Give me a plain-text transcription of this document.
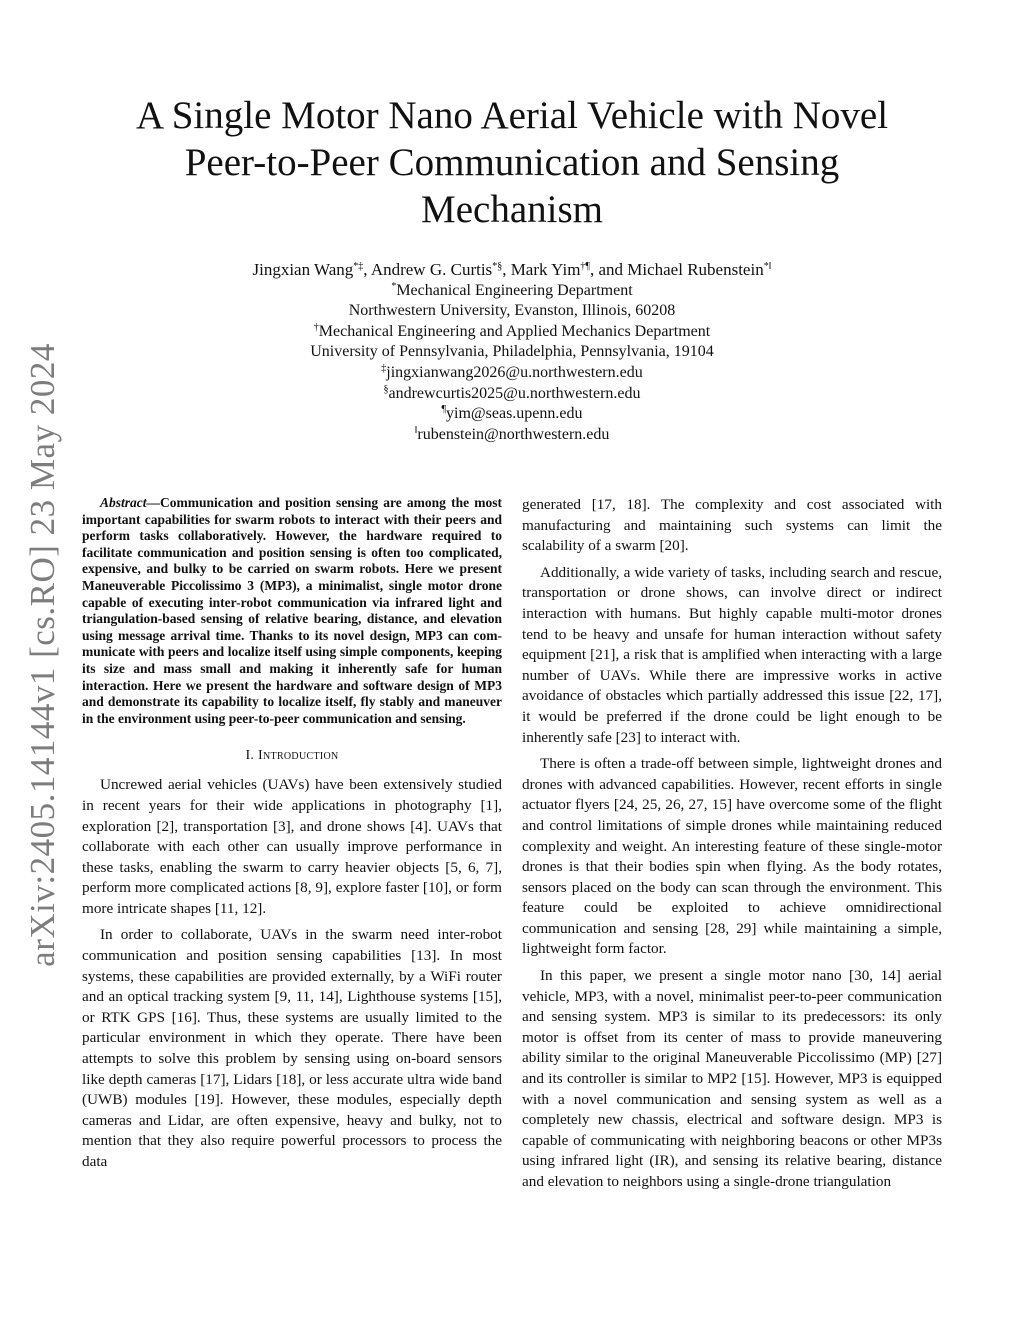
arXiv:2405.14144v1 [cs.RO] 23 May 2024
A Single Motor Nano Aerial Vehicle with Novel
Peer-to-Peer Communication and Sensing
Mechanism
Jingxian Wang*‡, Andrew G. Curtis*§, Mark Yim†¶, and Michael Rubenstein*‖
*Mechanical Engineering Department
Northwestern University, Evanston, Illinois, 60208
†Mechanical Engineering and Applied Mechanics Department
University of Pennsylvania, Philadelphia, Pennsylvania, 19104
‡jingxianwang2026@u.northwestern.edu
§andrewcurtis2025@u.northwestern.edu
¶yim@seas.upenn.edu
‖rubenstein@northwestern.edu

Abstract—Communication and position sensing are among the most important capabilities for swarm robots to interact with their peers and perform tasks collaboratively. However, the hardware required to facilitate communication and position sensing is often too complicated, expensive, and bulky to be carried on swarm robots. Here we present Maneuverable Piccolissimo 3 (MP3), a minimalist, single motor drone capable of executing inter-robot communication via infrared light and triangulation-based sensing of relative bearing, distance, and elevation using message arrival time. Thanks to its novel design, MP3 can communicate with peers and localize itself using simple components, keeping its size and mass small and making it inherently safe for human interaction. Here we present the hardware and software design of MP3 and demonstrate its capability to localize itself, fly stably and maneuver in the environment using peer-to-peer communication and sensing.

I. Introduction

Uncrewed aerial vehicles (UAVs) have been extensively studied in recent years for their wide applications in photography [1], exploration [2], transportation [3], and drone shows [4]. UAVs that collaborate with each other can usually improve performance in these tasks, enabling the swarm to carry heavier objects [5, 6, 7], perform more complicated actions [8, 9], explore faster [10], or form more intricate shapes [11, 12].

In order to collaborate, UAVs in the swarm need inter-robot communication and position sensing capabilities [13]. In most systems, these capabilities are provided externally, by a WiFi router and an optical tracking system [9, 11, 14], Lighthouse systems [15], or RTK GPS [16]. Thus, these systems are usually limited to the particular environment in which they operate. There have been attempts to solve this problem by sensing using on-board sensors like depth cameras [17], Lidars [18], or less accurate ultra wide band (UWB) modules [19]. However, these modules, especially depth cameras and Lidar, are often expensive, heavy and bulky, not to mention that they also require powerful processors to process the data

generated [17, 18]. The complexity and cost associated with manufacturing and maintaining such systems can limit the scalability of a swarm [20].

Additionally, a wide variety of tasks, including search and rescue, transportation or drone shows, can involve direct or indirect interaction with humans. But highly capable multi-motor drones tend to be heavy and unsafe for human interaction without safety equipment [21], a risk that is amplified when interacting with a large number of UAVs. While there are impressive works in active avoidance of obstacles which partially addressed this issue [22, 17], it would be preferred if the drone could be light enough to be inherently safe [23] to interact with.

There is often a trade-off between simple, lightweight drones and drones with advanced capabilities. However, recent efforts in single actuator flyers [24, 25, 26, 27, 15] have overcome some of the flight and control limitations of simple drones while maintaining reduced complexity and weight. An interesting feature of these single-motor drones is that their bodies spin when flying. As the body rotates, sensors placed on the body can scan through the environment. This feature could be exploited to achieve omnidirectional communication and sensing [28, 29] while maintaining a simple, lightweight form factor.

In this paper, we present a single motor nano [30, 14] aerial vehicle, MP3, with a novel, minimalist peer-to-peer communication and sensing system. MP3 is similar to its predecessors: its only motor is offset from its center of mass to provide maneuvering ability similar to the original Maneuverable Piccolissimo (MP) [27] and its controller is similar to MP2 [15]. However, MP3 is equipped with a novel communication and sensing system as well as a completely new chassis, electrical and software design. MP3 is capable of communicating with neighboring beacons or other MP3s using infrared light (IR), and sensing its relative bearing, distance and elevation to neighbors using a single-drone triangulation
